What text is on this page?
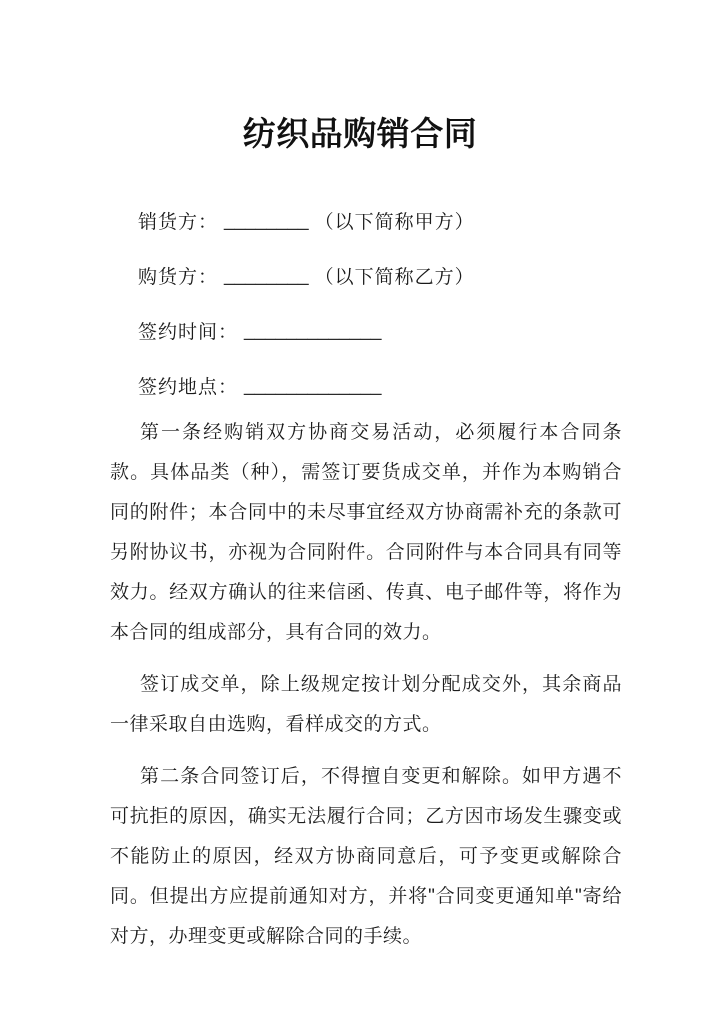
纺织品购销合同
销货方： ________ （以下简称甲方）
购货方： ________ （以下简称乙方）
签约时间： _____________
签约地点： _____________

第一条经购销双方协商交易活动，必须履行本合同条款。具体品类（种），需签订要货成交单，并作为本购销合同的附件；本合同中的未尽事宜经双方协商需补充的条款可另附协议书，亦视为合同附件。合同附件与本合同具有同等效力。经双方确认的往来信函、传真、电子邮件等，将作为本合同的组成部分，具有合同的效力。

签订成交单，除上级规定按计划分配成交外，其余商品一律采取自由选购，看样成交的方式。

第二条合同签订后，不得擅自变更和解除。如甲方遇不可抗拒的原因，确实无法履行合同；乙方因市场发生骤变或不能防止的原因，经双方协商同意后，可予变更或解除合同。但提出方应提前通知对方，并将"合同变更通知单"寄给对方，办理变更或解除合同的手续。
